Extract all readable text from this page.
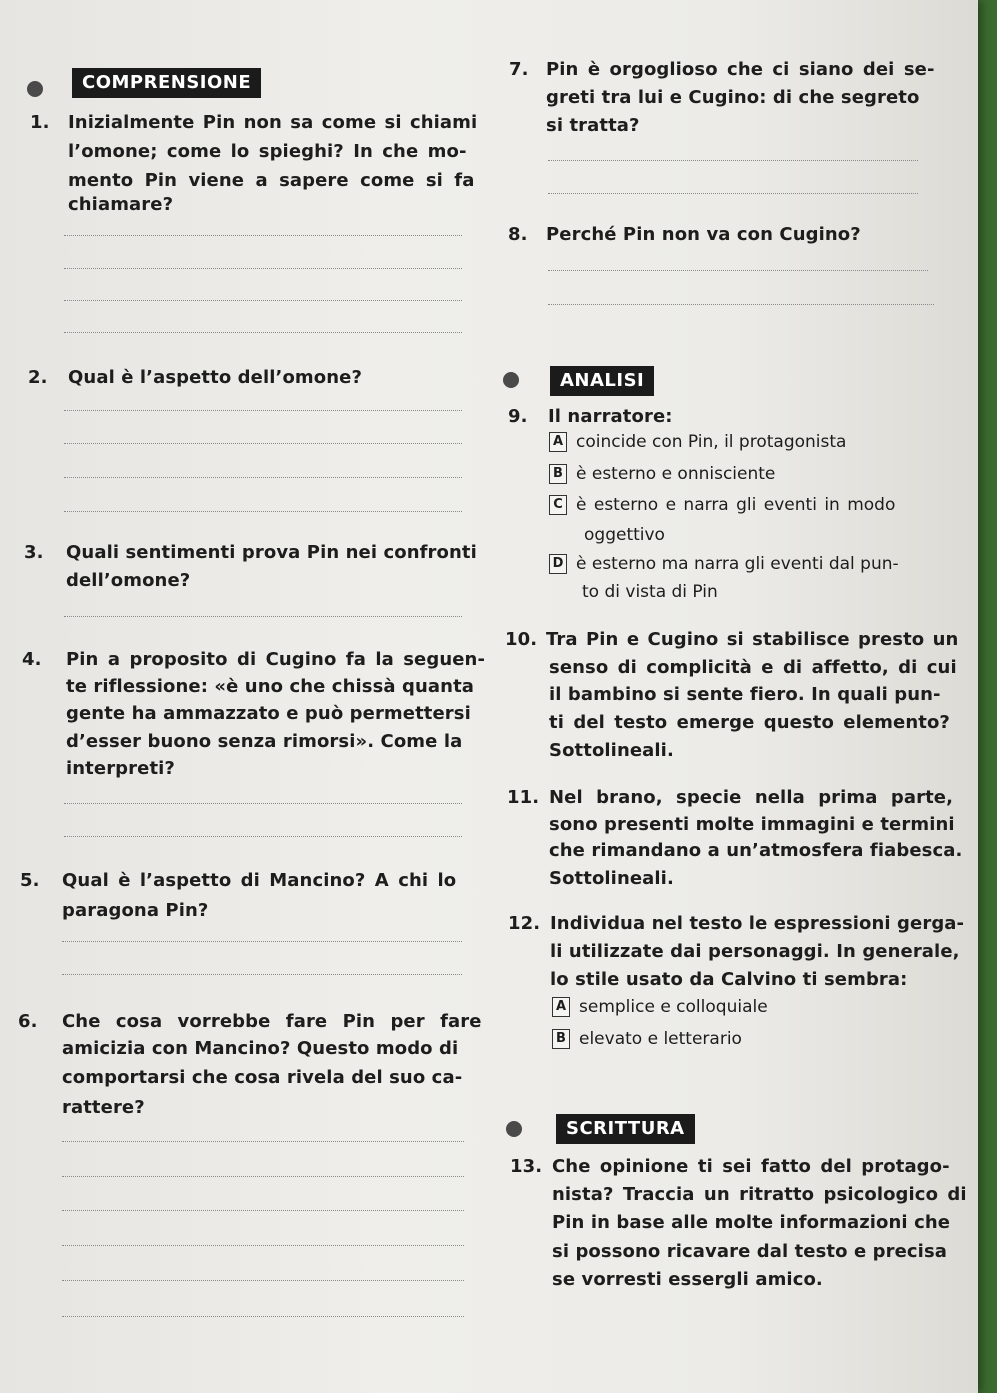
COMPRENSIONE
1. Inizialmente Pin non sa come si chiami
l’omone; come lo spieghi? In che mo-
mento Pin viene a sapere come si fa
chiamare?
2. Qual è l’aspetto dell’omone?
3. Quali sentimenti prova Pin nei confronti
dell’omone?
4. Pin a proposito di Cugino fa la seguen-
te riflessione: «è uno che chissà quanta
gente ha ammazzato e può permettersi
d’esser buono senza rimorsi». Come la
interpreti?
5. Qual è l’aspetto di Mancino? A chi lo
paragona Pin?
6. Che cosa vorrebbe fare Pin per fare
amicizia con Mancino? Questo modo di
comportarsi che cosa rivela del suo ca-
rattere?
7. Pin è orgoglioso che ci siano dei se-
greti tra lui e Cugino: di che segreto
si tratta?
8. Perché Pin non va con Cugino?
ANALISI
9. Il narratore:
A coincide con Pin, il protagonista
B è esterno e onnisciente
C è esterno e narra gli eventi in modo
oggettivo
D è esterno ma narra gli eventi dal pun-
to di vista di Pin
10. Tra Pin e Cugino si stabilisce presto un
senso di complicità e di affetto, di cui
il bambino si sente fiero. In quali pun-
ti del testo emerge questo elemento?
Sottolineali.
11. Nel brano, specie nella prima parte,
sono presenti molte immagini e termini
che rimandano a un’atmosfera fiabesca.
Sottolineali.
12. Individua nel testo le espressioni gerga-
li utilizzate dai personaggi. In generale,
lo stile usato da Calvino ti sembra:
A semplice e colloquiale
B elevato e letterario
SCRITTURA
13. Che opinione ti sei fatto del protago-
nista? Traccia un ritratto psicologico di
Pin in base alle molte informazioni che
si possono ricavare dal testo e precisa
se vorresti essergli amico.
